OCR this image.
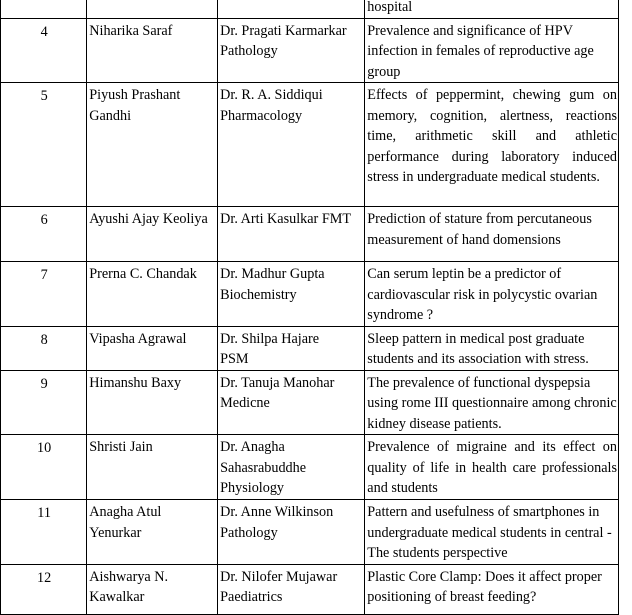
			hospital
4	Niharika Saraf	Dr. Pragati Karmarkar
Pathology	Prevalence and significance of HPV infection in females of reproductive age group
5	Piyush Prashant Gandhi	Dr. R. A. Siddiqui
Pharmacology	Effects of peppermint, chewing gum on memory, cognition, alertness, reactions time, arithmetic skill and athletic performance during laboratory induced stress in undergraduate medical students.
6	Ayushi Ajay Keoliya	Dr. Arti Kasulkar FMT	Prediction of stature from percutaneous measurement of hand domensions
7	Prerna C. Chandak	Dr. Madhur Gupta
Biochemistry	Can serum leptin be a predictor of cardiovascular risk in polycystic ovarian syndrome ?
8	Vipasha Agrawal	Dr. Shilpa Hajare
PSM	Sleep pattern in medical post graduate students and its association with stress.
9	Himanshu Baxy	Dr. Tanuja Manohar
Medicne	The prevalence of functional dyspepsia using rome III questionnaire among chronic kidney disease patients.
10	Shristi Jain	Dr. Anagha Sahasrabuddhe
Physiology	Prevalence of migraine and its effect on quality of life in health care professionals and students
11	Anagha Atul Yenurkar	Dr. Anne Wilkinson
Pathology	Pattern and usefulness of smartphones in undergraduate medical students in central - The students perspective
12	Aishwarya N. Kawalkar	Dr. Nilofer Mujawar
Paediatrics	Plastic Core Clamp: Does it affect proper positioning of breast feeding?
